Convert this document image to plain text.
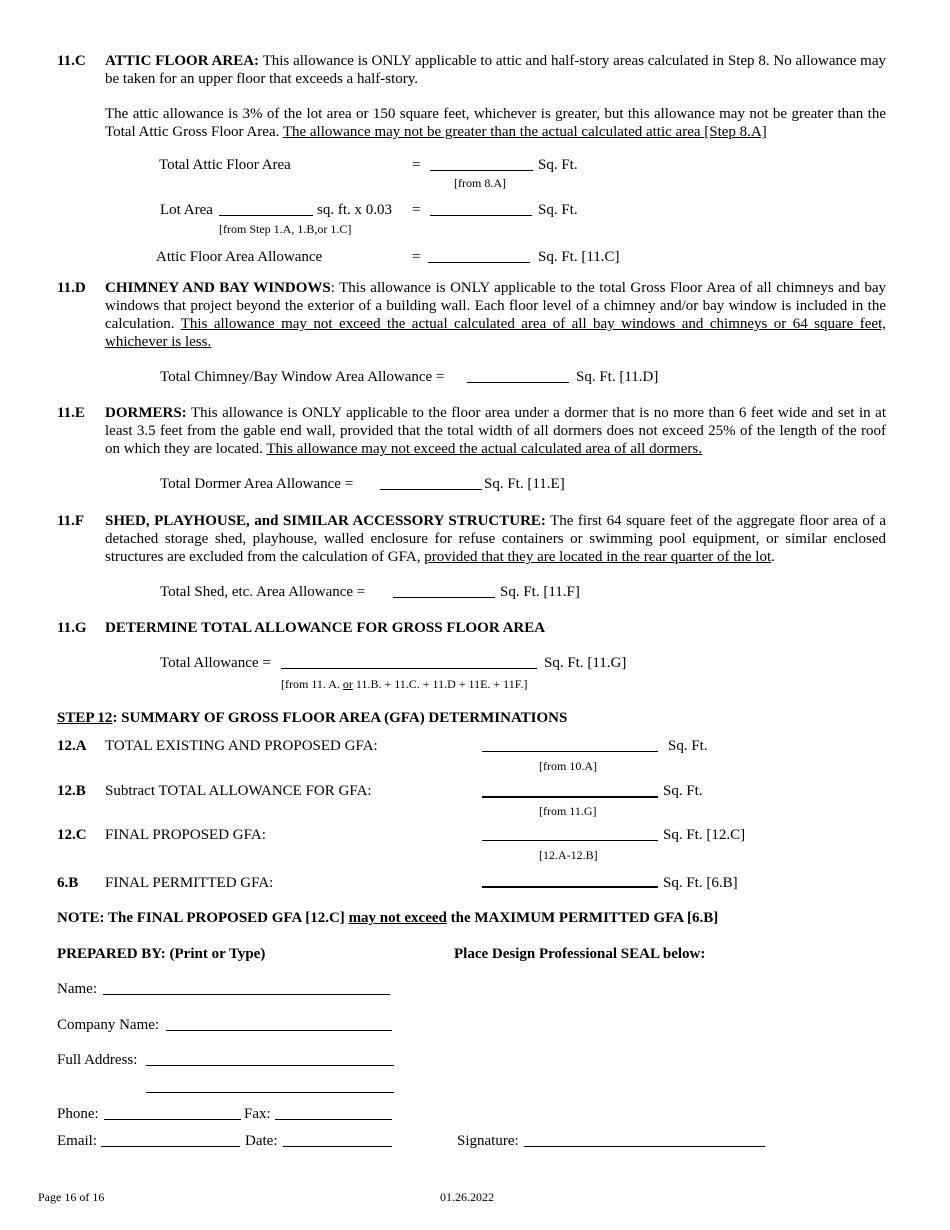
11.C ATTIC FLOOR AREA: This allowance is ONLY applicable to attic and half-story areas calculated in Step 8. No allowance may be taken for an upper floor that exceeds a half-story.
The attic allowance is 3% of the lot area or 150 square feet, whichever is greater, but this allowance may not be greater than the Total Attic Gross Floor Area. The allowance may not be greater than the actual calculated attic area [Step 8.A]
Total Attic Floor Area	=	Sq. Ft.
[from 8.A]
Lot Area	sq. ft. x 0.03 =	Sq. Ft.
[from Step 1.A, 1.B,or 1.C]
Attic Floor Area Allowance	=	Sq. Ft. [11.C]
11.D CHIMNEY AND BAY WINDOWS: This allowance is ONLY applicable to the total Gross Floor Area of all chimneys and bay windows that project beyond the exterior of a building wall. Each floor level of a chimney and/or bay window is included in the calculation. This allowance may not exceed the actual calculated area of all bay windows and chimneys or 64 square feet, whichever is less.
Total Chimney/Bay Window Area Allowance =	Sq. Ft. [11.D]
11.E DORMERS: This allowance is ONLY applicable to the floor area under a dormer that is no more than 6 feet wide and set in at least 3.5 feet from the gable end wall, provided that the total width of all dormers does not exceed 25% of the length of the roof on which they are located. This allowance may not exceed the actual calculated area of all dormers.
Total Dormer Area Allowance =	Sq. Ft. [11.E]
11.F SHED, PLAYHOUSE, and SIMILAR ACCESSORY STRUCTURE: The first 64 square feet of the aggregate floor area of a detached storage shed, playhouse, walled enclosure for refuse containers or swimming pool equipment, or similar enclosed structures are excluded from the calculation of GFA, provided that they are located in the rear quarter of the lot.
Total Shed, etc. Area Allowance =	Sq. Ft. [11.F]
11.G DETERMINE TOTAL ALLOWANCE FOR GROSS FLOOR AREA
Total Allowance =	Sq. Ft. [11.G]
[from 11. A. or 11.B. + 11.C. + 11.D + 11E. + 11F.]
STEP 12: SUMMARY OF GROSS FLOOR AREA (GFA) DETERMINATIONS
12.A TOTAL EXISTING AND PROPOSED GFA:	Sq. Ft.
[from 10.A]
12.B Subtract TOTAL ALLOWANCE FOR GFA:	Sq. Ft.
[from 11.G]
12.C FINAL PROPOSED GFA:	Sq. Ft. [12.C]
[12.A-12.B]
6.B FINAL PERMITTED GFA:	Sq. Ft. [6.B]
NOTE: The FINAL PROPOSED GFA [12.C] may not exceed the MAXIMUM PERMITTED GFA [6.B]
PREPARED BY: (Print or Type)	Place Design Professional SEAL below:
Name:
Company Name:
Full Address:
Phone:	Fax:
Email:	Date:	Signature:
Page 16 of 16	01.26.2022
